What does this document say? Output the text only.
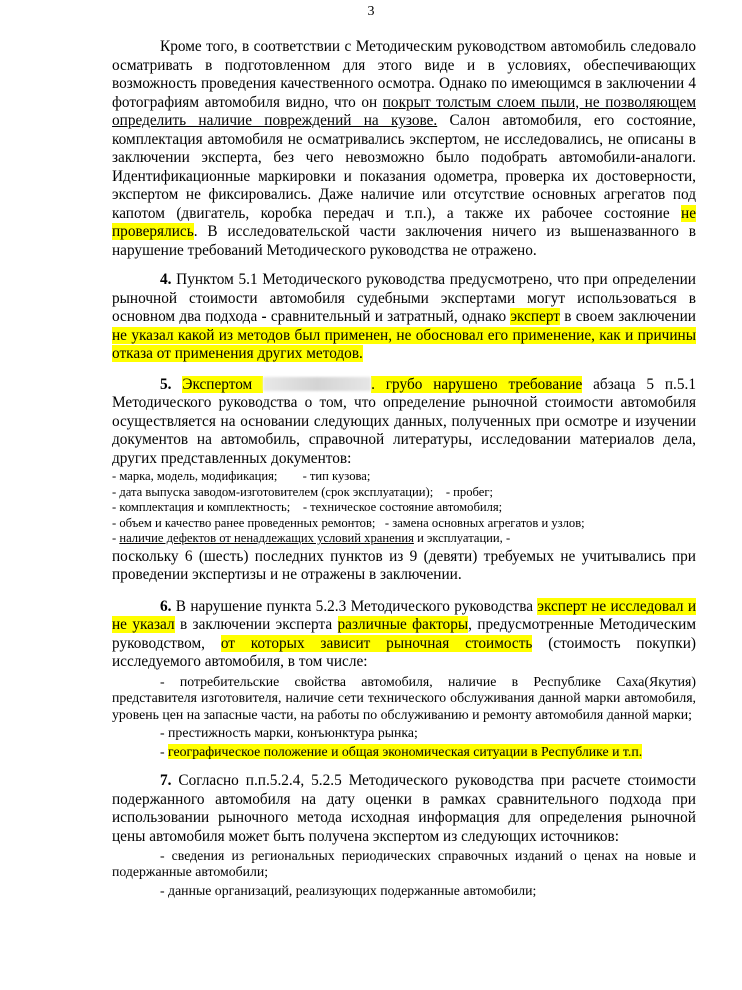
3

Кроме того, в соответствии с Методическим руководством автомобиль следовало осматривать в подготовленном для этого виде и в условиях, обеспечивающих возможность проведения качественного осмотра. Однако по имеющимся в заключении 4 фотографиям автомобиля видно, что он покрыт толстым слоем пыли, не позволяющем определить наличие повреждений на кузове. Салон автомобиля, его состояние, комплектация автомобиля не осматривались экспертом, не исследовались, не описаны в заключении эксперта, без чего невозможно было подобрать автомобили-аналоги. Идентификационные маркировки и показания одометра, проверка их достоверности, экспертом не фиксировались. Даже наличие или отсутствие основных агрегатов под капотом (двигатель, коробка передач и т.п.), а также их рабочее состояние не проверялись. В исследовательской части заключения ничего из вышеназванного в нарушение требований Методического руководства не отражено.

4. Пунктом 5.1 Методического руководства предусмотрено, что при определении рыночной стоимости автомобиля судебными экспертами могут использоваться в основном два подхода - сравнительный и затратный, однако эксперт в своем заключении не указал какой из методов был применен, не обосновал его применение, как и причины отказа от применения других методов.

5. Экспертом	. грубо нарушено требование абзаца 5 п.5.1 Методического руководства о том, что определение рыночной стоимости автомобиля осуществляется на основании следующих данных, полученных при осмотре и изучении документов на автомобиль, справочной литературы, исследовании материалов дела, других представленных документов:

- марка, модель, модификация;        - тип кузова;
- дата выпуска заводом-изготовителем (срок эксплуатации);    - пробег;
- комплектация и комплектность;    - техническое состояние автомобиля;
- объем и качество ранее проведенных ремонтов;   - замена основных агрегатов и узлов;
- наличие дефектов от ненадлежащих условий хранения и эксплуатации, -

поскольку 6 (шесть) последних пунктов из 9 (девяти) требуемых не учитывались при проведении экспертизы и не отражены в заключении.

6. В нарушение пункта 5.2.3 Методического руководства эксперт не исследовал и не указал в заключении эксперта различные факторы, предусмотренные Методическим руководством, от которых зависит рыночная стоимость (стоимость покупки) исследуемого автомобиля, в том числе:

- потребительские свойства автомобиля, наличие в Республике Саха(Якутия) представителя изготовителя, наличие сети технического обслуживания данной марки автомобиля, уровень цен на запасные части, на работы по обслуживанию и ремонту автомобиля данной марки;

- престижность марки, конъюнктура рынка;

- географическое положение и общая экономическая ситуации в Республике и т.п.

7. Согласно п.п.5.2.4, 5.2.5 Методического руководства при расчете стоимости подержанного автомобиля на дату оценки в рамках сравнительного подхода при использовании рыночного метода исходная информация для определения рыночной цены автомобиля может быть получена экспертом из следующих источников:

- сведения из региональных периодических справочных изданий о ценах на новые и подержанные автомобили;

- данные организаций, реализующих подержанные автомобили;
